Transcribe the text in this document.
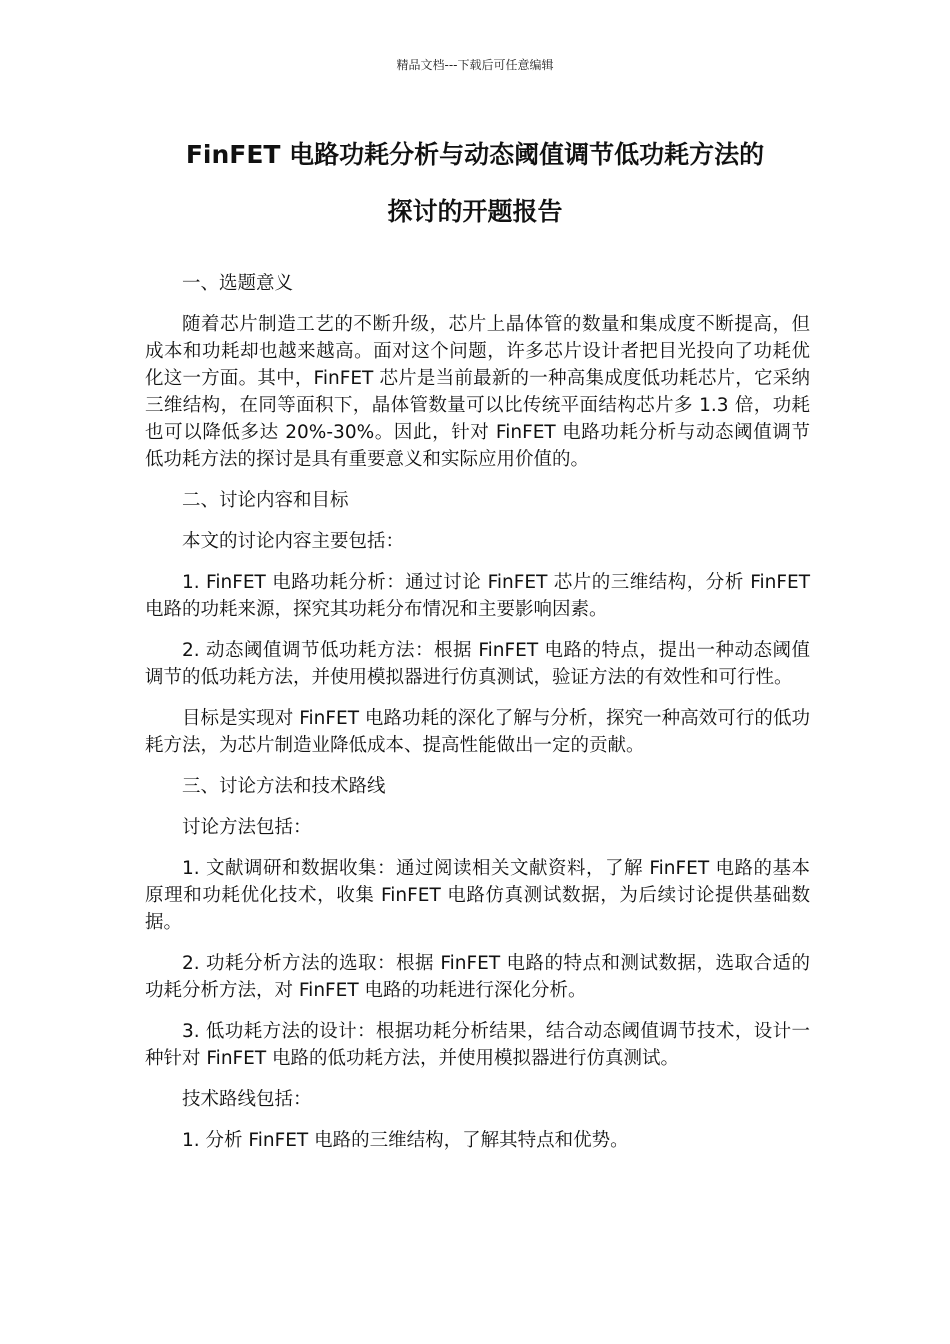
精品文档---下载后可任意编辑
FinFET 电路功耗分析与动态阈值调节低功耗方法的
探讨的开题报告

一、选题意义

随着芯片制造工艺的不断升级，芯片上晶体管的数量和集成度不断提高，但成本和功耗却也越来越高。面对这个问题，许多芯片设计者把目光投向了功耗优化这一方面。其中，FinFET 芯片是当前最新的一种高集成度低功耗芯片，它采纳三维结构，在同等面积下，晶体管数量可以比传统平面结构芯片多 1.3 倍，功耗也可以降低多达 20%-30%。因此，针对 FinFET 电路功耗分析与动态阈值调节低功耗方法的探讨是具有重要意义和实际应用价值的。

二、讨论内容和目标

本文的讨论内容主要包括：

1. FinFET 电路功耗分析：通过讨论 FinFET 芯片的三维结构，分析 FinFET 电路的功耗来源，探究其功耗分布情况和主要影响因素。

2. 动态阈值调节低功耗方法：根据 FinFET 电路的特点，提出一种动态阈值调节的低功耗方法，并使用模拟器进行仿真测试，验证方法的有效性和可行性。

目标是实现对 FinFET 电路功耗的深化了解与分析，探究一种高效可行的低功耗方法，为芯片制造业降低成本、提高性能做出一定的贡献。

三、讨论方法和技术路线

讨论方法包括：

1. 文献调研和数据收集：通过阅读相关文献资料，了解 FinFET 电路的基本原理和功耗优化技术，收集 FinFET 电路仿真测试数据，为后续讨论提供基础数据。

2. 功耗分析方法的选取：根据 FinFET 电路的特点和测试数据，选取合适的功耗分析方法，对 FinFET 电路的功耗进行深化分析。

3. 低功耗方法的设计：根据功耗分析结果，结合动态阈值调节技术，设计一种针对 FinFET 电路的低功耗方法，并使用模拟器进行仿真测试。

技术路线包括：

1. 分析 FinFET 电路的三维结构，了解其特点和优势。
